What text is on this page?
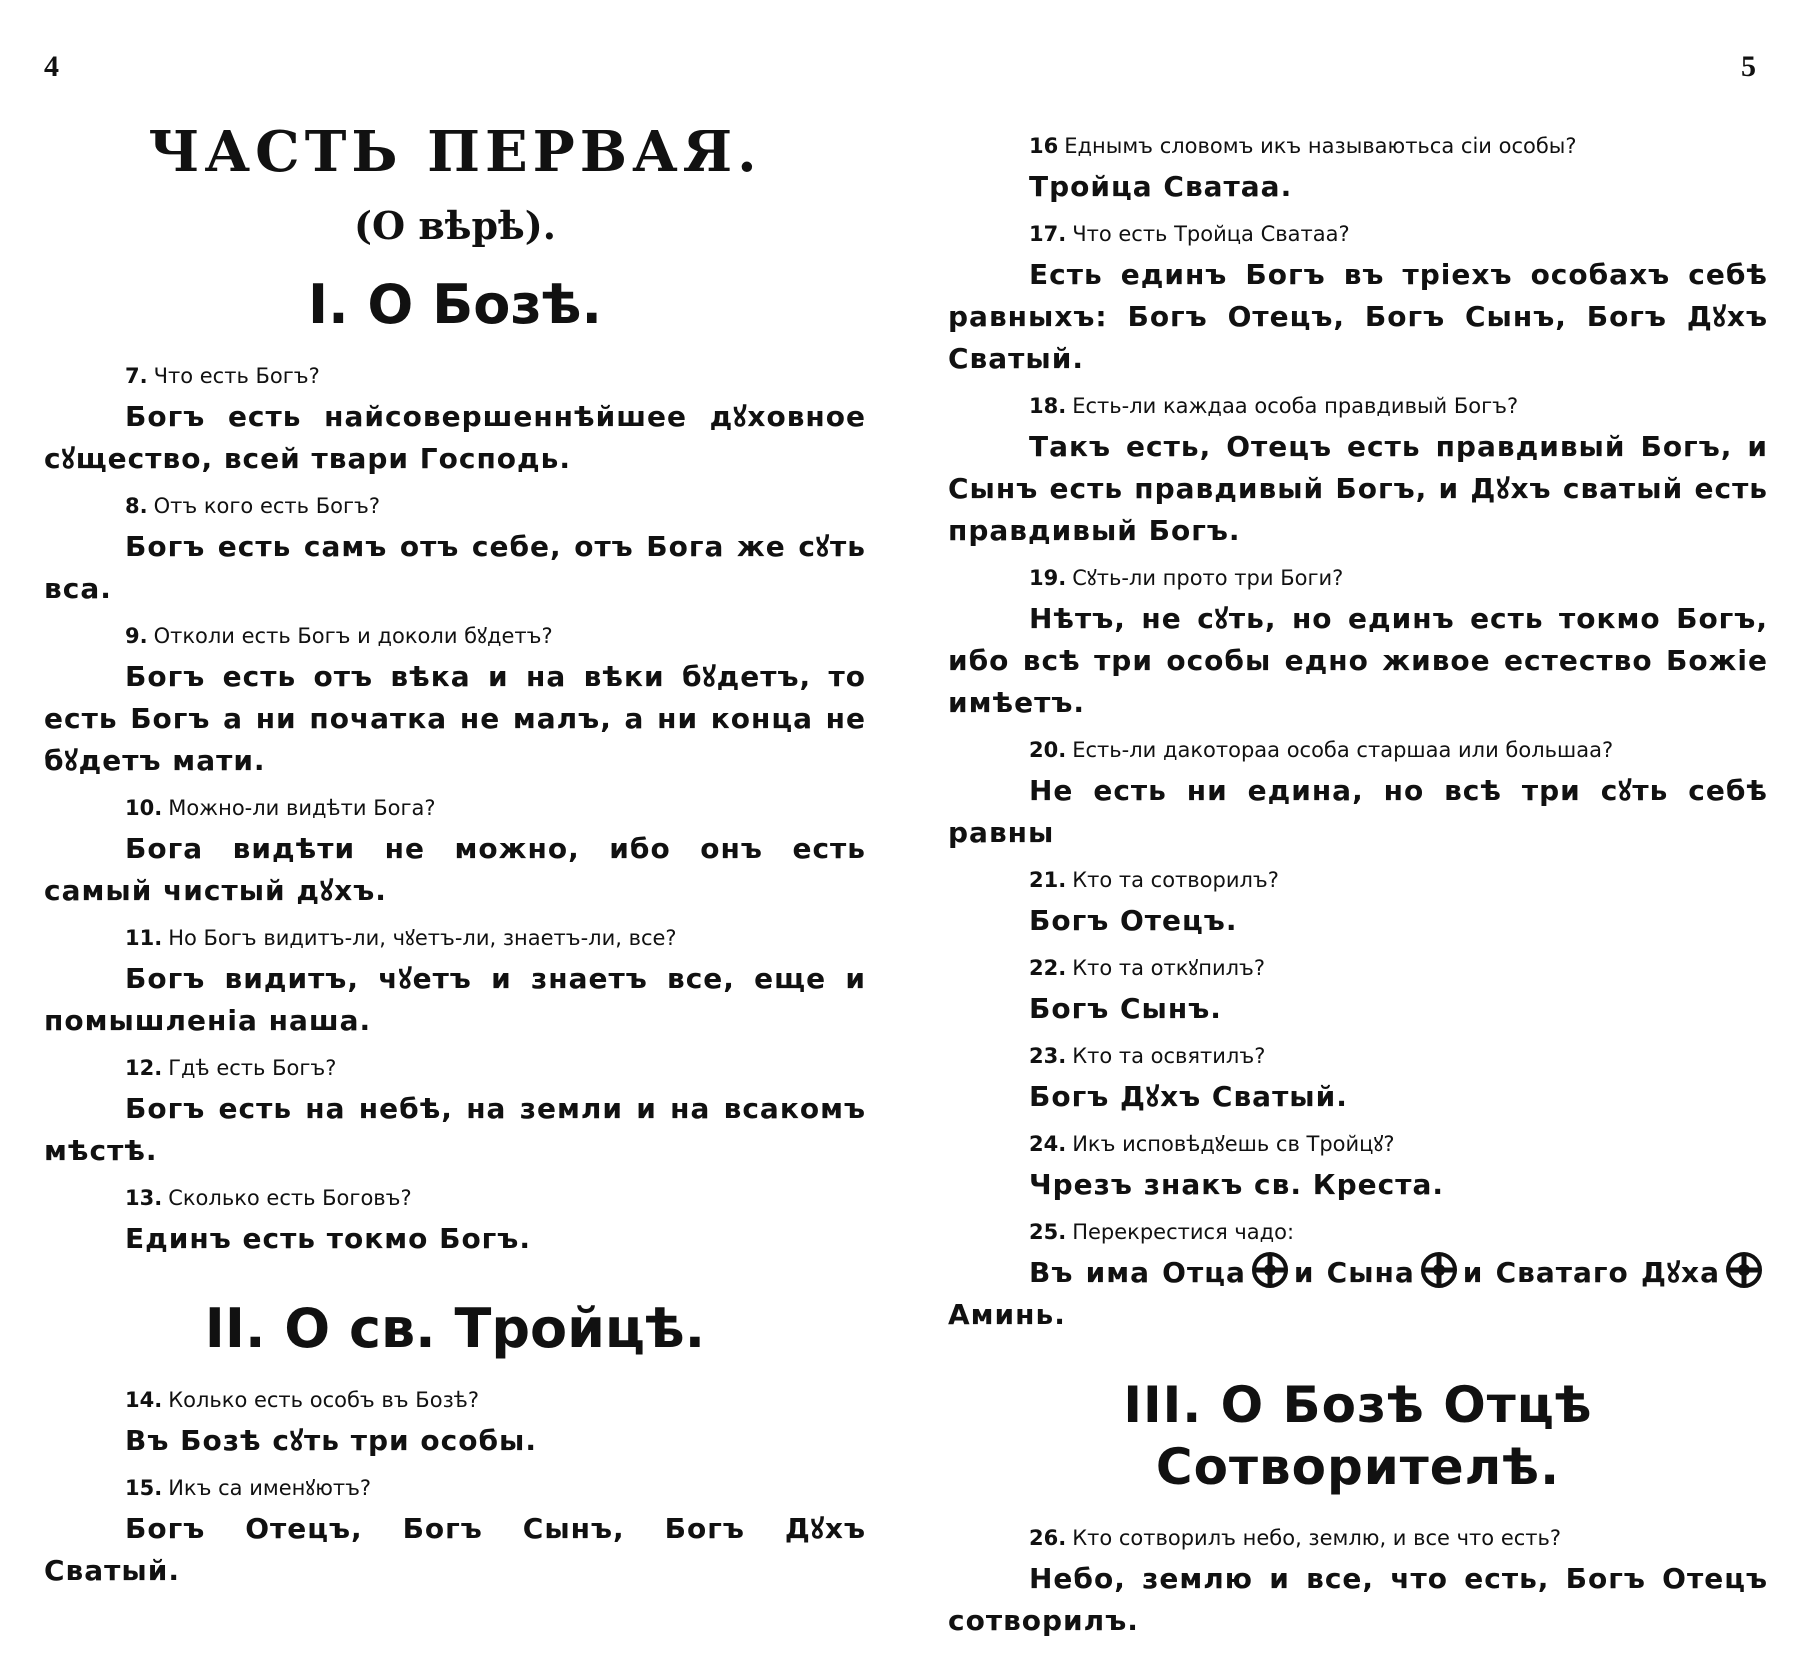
4
ЧАСТЬ ПЕРВАЯ.
(О вѣрѣ).
I. О Бозѣ.
7. Что есть Богъ?
Богъ есть найсовершеннѣйшее дꙋховное сꙋщество, всей твари Господь.
8. Отъ кого есть Богъ?
Богъ есть самъ отъ себе, отъ Бога же сꙋть вса.
9. Отколи есть Богъ и доколи бꙋдетъ?
Богъ есть отъ вѣка и на вѣки бꙋдетъ, то есть Богъ а ни початка не малъ, а ни конца не бꙋдетъ мати.
10. Можно-ли видѣти Бога?
Бога видѣти не можно, ибо онъ есть самый чистый дꙋхъ.
11. Но Богъ видитъ-ли, чꙋетъ-ли, знаетъ-ли, все?
Богъ видитъ, чꙋетъ и знаетъ все, еще и помышленіа наша.
12. Гдѣ есть Богъ?
Богъ есть на небѣ, на земли и на всакомъ мѣстѣ.
13. Сколько есть Боговъ?
Единъ есть токмо Богъ.
II. О св. Тройцѣ.
14. Колько есть особъ въ Бозѣ?
Въ Бозѣ сꙋть три особы.
15. Икъ са именꙋютъ?
Богъ Отецъ, Богъ Сынъ, Богъ Дꙋхъ Сватый.
5
16 Еднымъ словомъ икъ называютьса сіи особы?
Тройца Сватаа.
17. Что есть Тройца Сватаа?
Есть единъ Богъ въ тріехъ особахъ себѣ равныхъ: Богъ Отецъ, Богъ Сынъ, Богъ Дꙋхъ Сватый.
18. Есть-ли каждаа особа правдивый Богъ?
Такъ есть, Отецъ есть правдивый Богъ, и Сынъ есть правдивый Богъ, и Дꙋхъ сватый есть правдивый Богъ.
19. Сꙋть-ли прото три Боги?
Нѣтъ, не сꙋть, но единъ есть токмо Богъ, ибо всѣ три особы едно живое естество Божіе имѣетъ.
20. Есть-ли дакотораа особа старшаа или большаа?
Не есть ни едина, но всѣ три сꙋть себѣ равны
21. Кто та сотворилъ?
Богъ Отецъ.
22. Кто та откꙋпилъ?
Богъ Сынъ.
23. Кто та освятилъ?
Богъ Дꙋхъ Сватый.
24. Икъ исповѣдꙋешь св Тройцꙋ?
Чрезъ знакъ св. Креста.
25. Перекрестися чадо:
Въ има Отца и Сына и Сватаго ДꙋхаАминь.
III. О Бозѣ Отцѣ Сотворителѣ.
26. Кто сотворилъ небо, землю, и все что есть?
Небо, землю и все, что есть, Богъ Отецъ сотворилъ.
